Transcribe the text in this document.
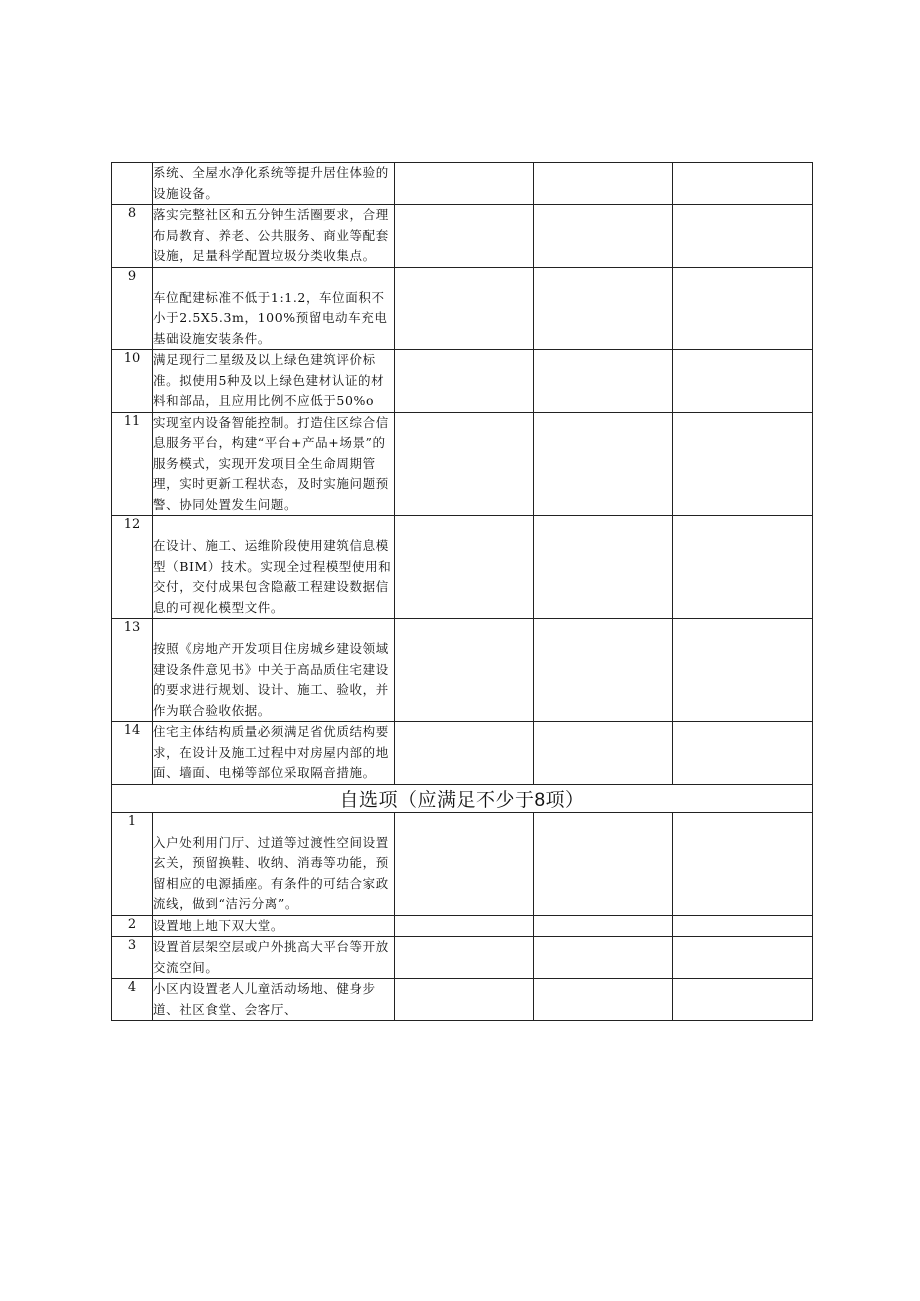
	系统、全屋水净化系统等提升居住体验的设施设备。			
8	落实完整社区和五分钟生活圈要求，合理布局教育、养老、公共服务、商业等配套设施，足量科学配置垃圾分类收集点。			
9	车位配建标准不低于1:1.2，车位面积不小于2.5X5.3m，100%预留电动车充电基础设施安装条件。			
10	满足现行二星级及以上绿色建筑评价标准。拟使用5种及以上绿色建材认证的材料和部品，且应用比例不应低于50%o			
11	实现室内设备智能控制。打造住区综合信息服务平台，构建“平台+产品+场景”的服务模式，实现开发项目全生命周期管理，实时更新工程状态，及时实施问题预警、协同处置发生问题。			
12	在设计、施工、运维阶段使用建筑信息模型（BIM）技术。实现全过程模型使用和交付，交付成果包含隐蔽工程建设数据信息的可视化模型文件。			
13	按照《房地产开发项目住房城乡建设领域建设条件意见书》中关于高品质住宅建设的要求进行规划、设计、施工、验收，并作为联合验收依据。			
14	住宅主体结构质量必须满足省优质结构要求，在设计及施工过程中对房屋内部的地面、墙面、电梯等部位采取隔音措施。			
自选项（应满足不少于8项）				
1	入户处利用门厅、过道等过渡性空间设置玄关，预留换鞋、收纳、消毒等功能，预留相应的电源插座。有条件的可结合家政流线，做到“洁污分离”。			
2	设置地上地下双大堂。			
3	设置首层架空层或户外挑高大平台等开放交流空间。			
4	小区内设置老人儿童活动场地、健身步道、社区食堂、会客厅、			
